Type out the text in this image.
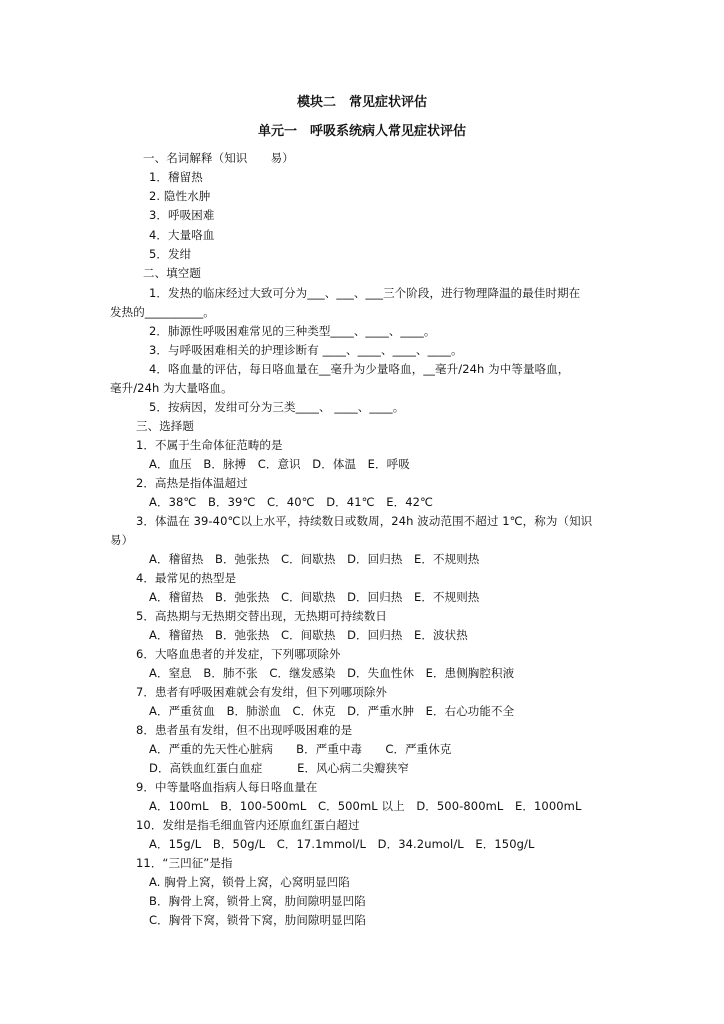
模块二　常见症状评估
单元一　呼吸系统病人常见症状评估
一、名词解释（知识　　易）
1．稽留热
2. 隐性水肿
3．呼吸困难
4．大量咯血
5．发绀
二、填空题
1．发热的临床经过大致可分为___、___、___三个阶段，进行物理降温的最佳时期在
发热的__________。
2．肺源性呼吸困难常见的三种类型____、____、____。
3．与呼吸困难相关的护理诊断有 ____、____、____、____。
4．咯血量的评估，每日咯血量在__毫升为少量咯血，__毫升/24h 为中等量咯血，
毫升/24h 为大量咯血。
5．按病因，发绀可分为三类____、 ____、____。
三、选择题
1．不属于生命体征范畴的是
A．血压　B．脉搏　C．意识　D．体温　E．呼吸
2．高热是指体温超过
A．38℃　B．39℃　C．40℃　D．41℃　E．42℃
3．体温在 39-40℃以上水平，持续数日或数周，24h 波动范围不超过 1℃，称为（知识
易）
A．稽留热　B．弛张热　C．间歇热　D．回归热　E．不规则热
4．最常见的热型是
A．稽留热　B．弛张热　C．间歇热　D．回归热　E．不规则热
5．高热期与无热期交替出现，无热期可持续数日
A．稽留热　B．弛张热　C．间歇热　D．回归热　E．波状热
6．大咯血患者的并发症，下列哪项除外
A．窒息　B．肺不张　C．继发感染　D．失血性休　E．患侧胸腔积液
7．患者有呼吸困难就会有发绀，但下列哪项除外
A．严重贫血　B．肺淤血　C．休克　D．严重水肿　E．右心功能不全
8．患者虽有发绀，但不出现呼吸困难的是
A．严重的先天性心脏病　　B．严重中毒　　C．严重休克
D．高铁血红蛋白血症　　　E．风心病二尖瓣狭窄
9．中等量咯血指病人每日咯血量在
A．100mL　B．100-500mL　C．500mL 以上　D．500-800mL　E．1000mL
10．发绀是指毛细血管内还原血红蛋白超过
A．15g/L　B．50g/L　C．17.1mmol/L　D．34.2umol/L　E．150g/L
11．“三凹征”是指
A. 胸骨上窝，锁骨上窝，心窝明显凹陷
B．胸骨上窝，锁骨上窝，肋间隙明显凹陷
C．胸骨下窝，锁骨下窝，肋间隙明显凹陷
